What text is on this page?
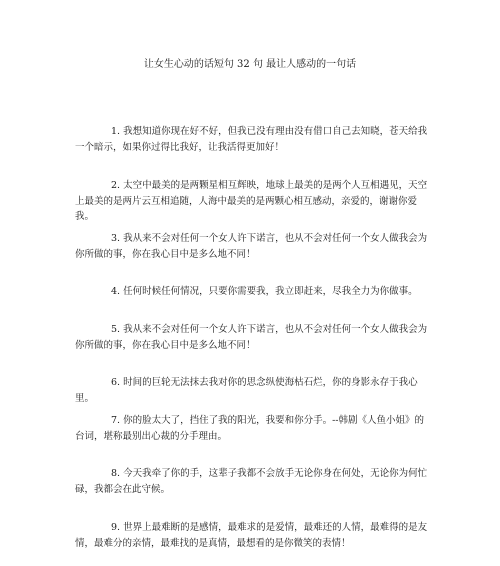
让女生心动的话短句 32 句 最让人感动的一句话

1. 我想知道你现在好不好，但我已没有理由没有借口自己去知晓，苍天给我一个暗示，如果你过得比我好，让我活得更加好！

2. 太空中最美的是两颗星相互辉映，地球上最美的是两个人互相遇见，天空上最美的是两片云互相追随，人海中最美的是两颗心相互感动，亲爱的，谢谢你爱我。

3. 我从来不会对任何一个女人许下诺言，也从不会对任何一个女人做我会为你所做的事，你在我心目中是多么地不同！

4. 任何时候任何情况，只要你需要我，我立即赶来，尽我全力为你做事。

5. 我从来不会对任何一个女人许下诺言，也从不会对任何一个女人做我会为你所做的事，你在我心目中是多么地不同！

6. 时间的巨轮无法抹去我对你的思念纵使海枯石烂，你的身影永存于我心里。

7. 你的脸太大了，挡住了我的阳光，我要和你分手。--韩剧《人鱼小姐》的台词，堪称最别出心裁的分手理由。

8. 今天我牵了你的手，这辈子我都不会放手无论你身在何处，无论你为何忙碌，我都会在此守候。

9. 世界上最难断的是感情，最难求的是爱情，最难还的人情，最难得的是友情，最难分的亲情，最难找的是真情，最想看的是你微笑的表情！
